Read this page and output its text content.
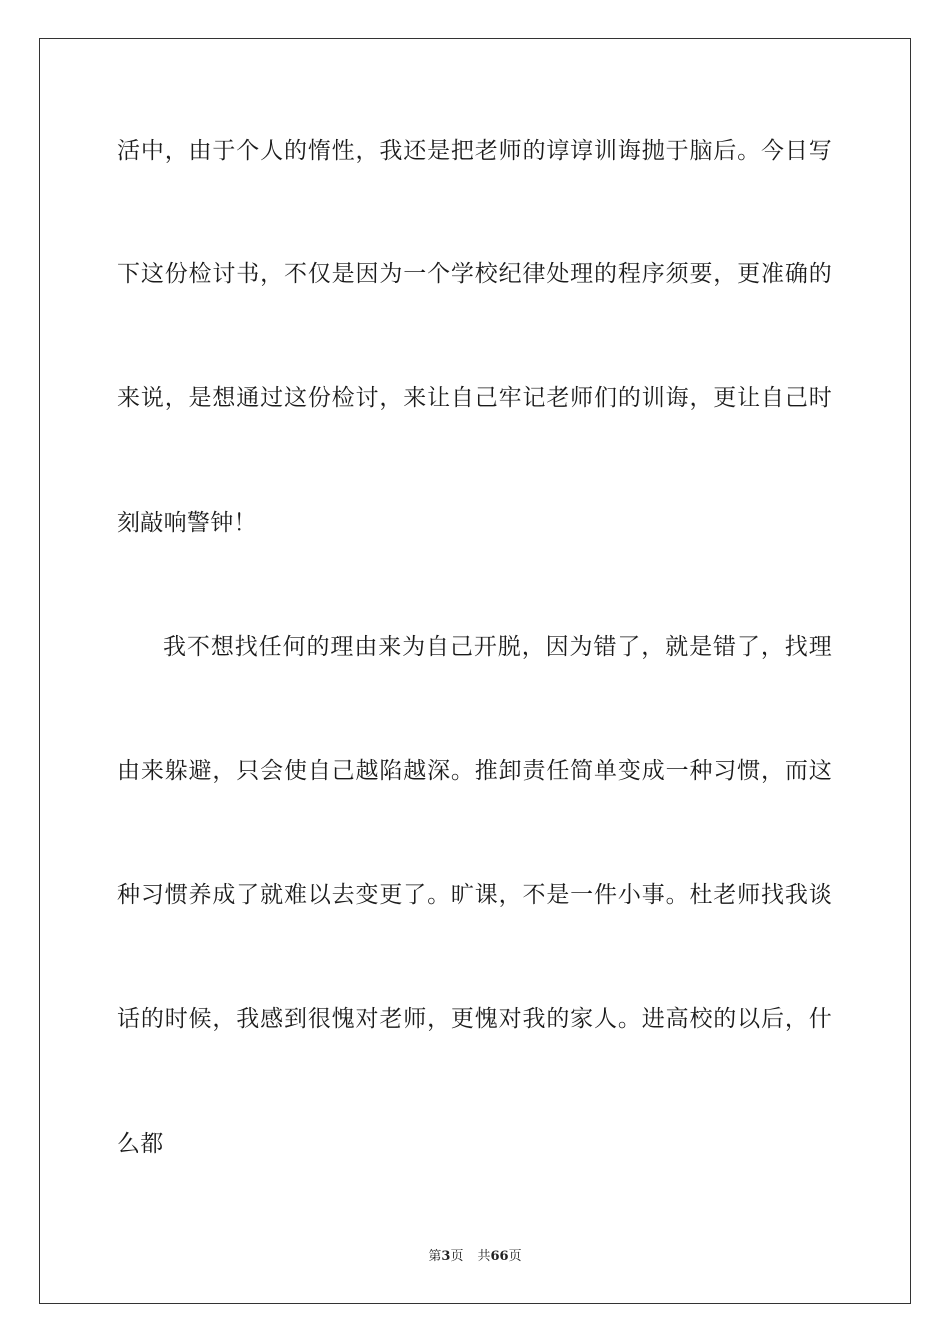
活中，由于个人的惰性，我还是把老师的谆谆训诲抛于脑后。今日写
下这份检讨书，不仅是因为一个学校纪律处理的程序须要，更准确的
来说，是想通过这份检讨，来让自己牢记老师们的训诲，更让自己时
刻敲响警钟！
我不想找任何的理由来为自己开脱，因为错了，就是错了，找理
由来躲避，只会使自己越陷越深。推卸责任简单变成一种习惯，而这
种习惯养成了就难以去变更了。旷课，不是一件小事。杜老师找我谈
话的时候，我感到很愧对老师，更愧对我的家人。进高校的以后，什
么都
第3页 共66页
